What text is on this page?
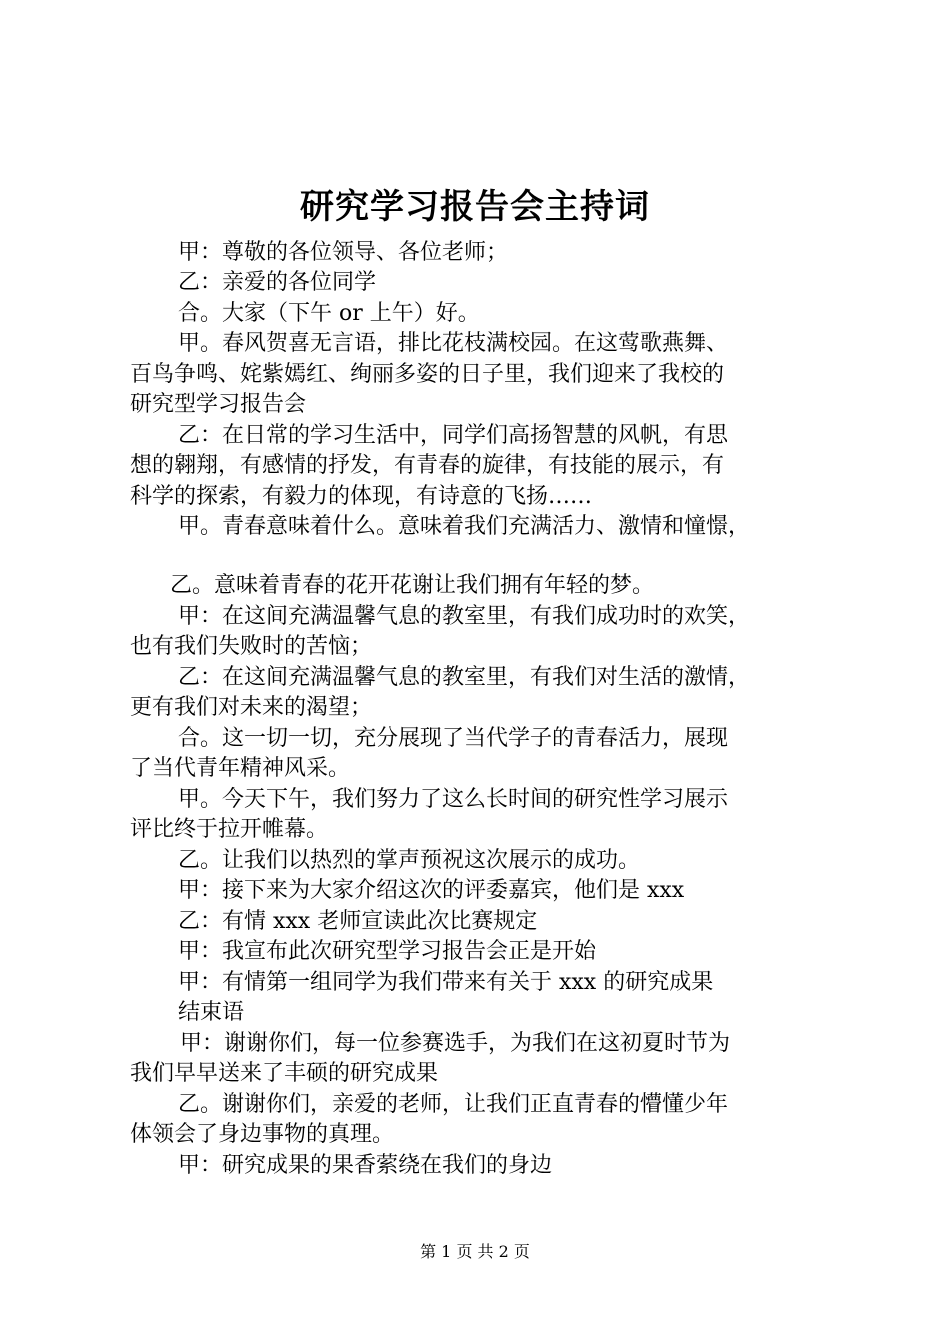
研究学习报告会主持词
甲：尊敬的各位领导、各位老师；
乙：亲爱的各位同学
合。大家（下午 or 上午）好。
甲。春风贺喜无言语，排比花枝满校园。在这莺歌燕舞、
百鸟争鸣、姹紫嫣红、绚丽多姿的日子里，我们迎来了我校的
研究型学习报告会
乙：在日常的学习生活中，同学们高扬智慧的风帆，有思
想的翱翔，有感情的抒发，有青春的旋律，有技能的展示，有
科学的探索，有毅力的体现，有诗意的飞扬……
甲。青春意味着什么。意味着我们充满活力、激情和憧憬，
乙。意味着青春的花开花谢让我们拥有年轻的梦。
甲：在这间充满温馨气息的教室里，有我们成功时的欢笑，
也有我们失败时的苦恼；
乙：在这间充满温馨气息的教室里，有我们对生活的激情，
更有我们对未来的渴望；
合。这一切一切，充分展现了当代学子的青春活力，展现
了当代青年精神风采。
甲。今天下午，我们努力了这么长时间的研究性学习展示
评比终于拉开帷幕。
乙。让我们以热烈的掌声预祝这次展示的成功。
甲：接下来为大家介绍这次的评委嘉宾，他们是 xxx
乙：有情 xxx 老师宣读此次比赛规定
甲：我宣布此次研究型学习报告会正是开始
甲：有情第一组同学为我们带来有关于 xxx 的研究成果
结束语
甲：谢谢你们，每一位参赛选手，为我们在这初夏时节为
我们早早送来了丰硕的研究成果
乙。谢谢你们，亲爱的老师，让我们正直青春的懵懂少年
体领会了身边事物的真理。
甲：研究成果的果香萦绕在我们的身边
第 1 页 共 2 页
